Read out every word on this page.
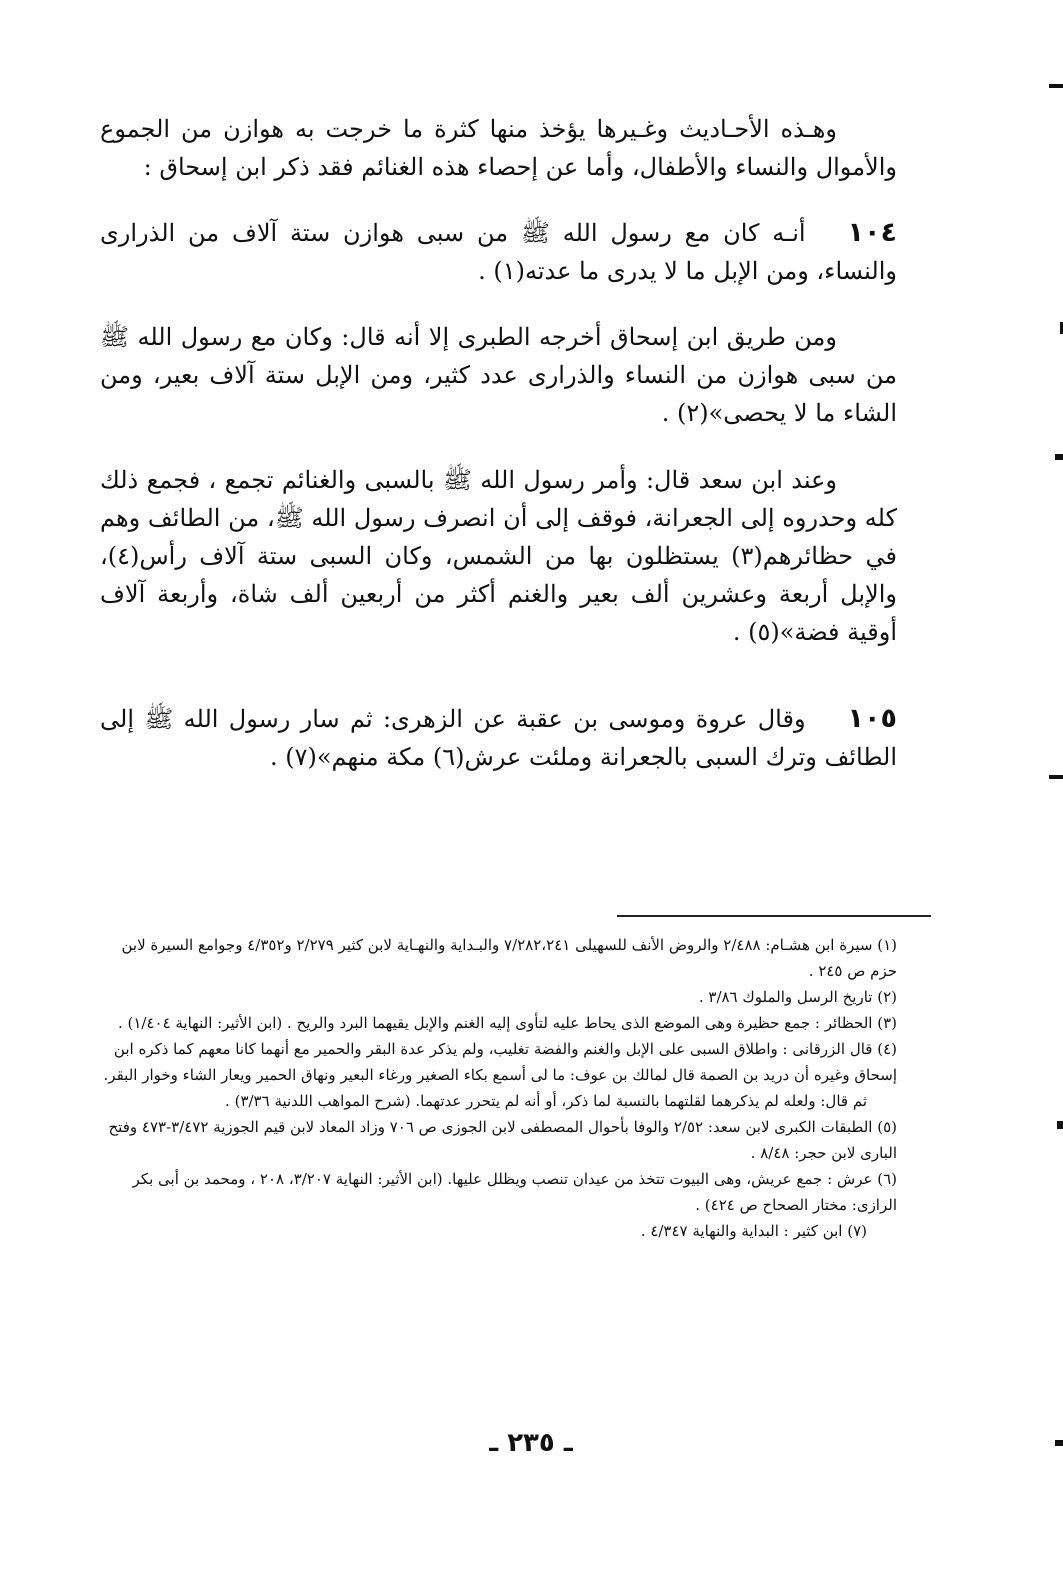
وهـذه الأحـاديث وغـيرها يؤخذ منها كثرة ما خرجت به هوازن من الجموع والأموال والنساء والأطفال، وأما عن إحصاء هذه الغنائم فقد ذكر ابن إسحاق :

١٠٤أنـه كان مع رسول الله ﷺ من سبى هوازن ستة آلاف من الذرارى والنساء، ومن الإبل ما لا يدرى ما عدته(١) .

ومن طريق ابن إسحاق أخرجه الطبرى إلا أنه قال: وكان مع رسول الله ﷺ من سبى هوازن من النساء والذرارى عدد كثير، ومن الإبل ستة آلاف بعير، ومن الشاء ما لا يحصى»(٢) .

وعند ابن سعد قال: وأمر رسول الله ﷺ بالسبى والغنائم تجمع ، فجمع ذلك كله وحدروه إلى الجعرانة، فوقف إلى أن انصرف رسول الله ﷺ، من الطائف وهم في حظائرهم(٣) يستظلون بها من الشمس، وكان السبى ستة آلاف رأس(٤)، والإبل أربعة وعشرين ألف بعير والغنم أكثر من أربعين ألف شاة، وأربعة آلاف أوقية فضة»(٥) .

١٠٥وقال عروة وموسى بن عقبة عن الزهرى: ثم سار رسول الله ﷺ إلى الطائف وترك السبى بالجعرانة وملئت عرش(٦) مكة منهم»(٧) .

(١) سيرة ابن هشـام: ٢/٤٨٨ والروض الأنف للسهيلى ٧/٢٨٢،٢٤١ والبـداية والنهـاية لابن كثير ٢/٢٧٩ و٤/٣٥٢ وجوامع السيرة لابن حزم ص ٢٤٥ .
(٢) تاريخ الرسل والملوك ٣/٨٦ .
(٣) الحظائر : جمع حظيرة وهى الموضع الذى يحاط عليه لتأوى إليه الغنم والإبل يقيهما البرد والريح . (ابن الأثير: النهاية ١/٤٠٤) .
(٤) قال الزرقانى : واطلاق السبى على الإبل والغنم والفضة تغليب، ولم يذكر عدة البقر والحمير مع أنهما كانا معهم كما ذكره ابن إسحاق وغيره أن دريد بن الصمة قال لمالك بن عوف: ما لى أسمع بكاء الصغير ورغاء البعير ونهاق الحمير ويعار الشاء وخوار البقر.
ثم قال: ولعله لم يذكرهما لقلتهما بالنسبة لما ذكر، أو أنه لم يتحرر عدتهما. (شرح المواهب اللدنية ٣/٣٦) .
(٥) الطبقات الكبرى لابن سعد: ٢/٥٢ والوفا بأحوال المصطفى لابن الجوزى ص ٧٠٦ وزاد المعاد لابن قيم الجوزية ٣/٤٧٢-٤٧٣ وفتح البارى لابن حجر: ٨/٤٨ .
(٦) عرش : جمع عريش، وهى البيوت تتخذ من عيدان تنصب ويظلل عليها. (ابن الأثير: النهاية ٣/٢٠٧، ٢٠٨ ، ومحمد بن أبى بكر الرازى: مختار الصحاح ص ٤٢٤) .
(٧) ابن كثير : البداية والنهاية ٤/٣٤٧ .
ـ ٢٣٥ ـ
